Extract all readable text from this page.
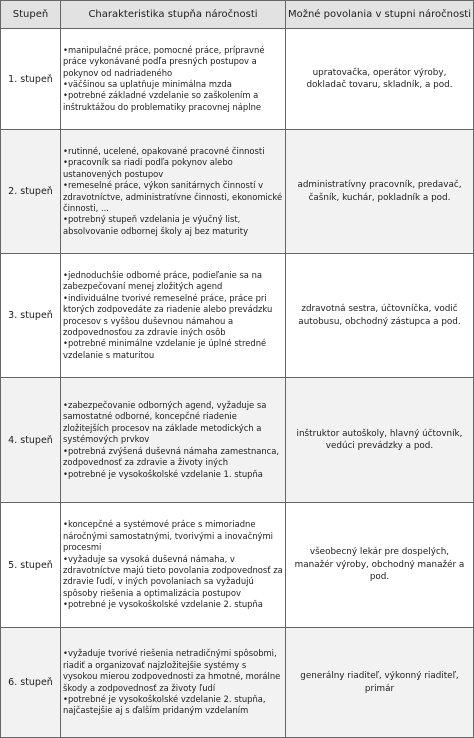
Stupeň	Charakteristika stupňa náročnosti	Možné povolania v stupni náročnosti
1. stupeň	•manipulačné práce, pomocné práce, prípravné práce vykonávané podľa presných postupov a pokynov od nadriadeného
•väčšinou sa uplatňuje minimálna mzda
•potrebné základné vzdelanie so zaškolením a inštruktážou do problematiky pracovnej náplne	upratovačka, operátor výroby, dokladač tovaru, skladník, a pod.
2. stupeň	•rutinné, ucelené, opakované pracovné činnosti
•pracovník sa riadi podľa pokynov alebo ustanovených postupov
•remeselné práce, výkon sanitárnych činností v zdravotníctve, administratívne činnosti, ekonomické činnosti, ...
•potrebný stupeň vzdelania je výučný list, absolvovanie odbornej školy aj bez maturity	administratívny pracovník, predavač, čašník, kuchár, pokladník a pod.
3. stupeň	•jednoduchšie odborné práce, podieľanie sa na zabezpečovaní menej zložitých agend
•individuálne tvorivé remeselné práce, práce pri ktorých zodpovedáte za riadenie alebo prevádzku procesov s vyššou duševnou námahou a zodpovednosťou za zdravie iných osôb
•potrebné minimálne vzdelanie je úplné stredné vzdelanie s maturitou	zdravotná sestra, účtovníčka, vodič autobusu, obchodný zástupca a pod.
4. stupeň	•zabezpečovanie odborných agend, vyžaduje sa samostatné odborné, koncepčné riadenie zložitejších procesov na základe metodických a systémových prvkov
•potrebná zvýšená duševná námaha zamestnanca, zodpovednosť za zdravie a životy iných
•potrebné je vysokoškolské vzdelanie 1. stupňa	inštruktor autoškoly, hlavný účtovník, vedúci prevádzky a pod.
5. stupeň	•koncepčné a systémové práce s mimoriadne náročnými samostatnými, tvorivými a inovačnými procesmi
•vyžaduje sa vysoká duševná námaha, v zdravotníctve majú tieto povolania zodpovednosť za zdravie ľudí, v iných povolaniach sa vyžadujú spôsoby riešenia a optimalizácia postupov
•potrebné je vysokoškolské vzdelanie 2. stupňa	všeobecný lekár pre dospelých, manažér výroby, obchodný manažér a pod.
6. stupeň	•vyžaduje tvorivé riešenia netradičnými spôsobmi, riadiť a organizovať najzložitejšie systémy s vysokou mierou zodpovednosti za hmotné, morálne škody a zodpovednosť za životy ľudí
•potrebné je vysokoškolské vzdelanie 2. stupňa, najčastejšie aj s ďalším pridaným vzdelaním	generálny riaditeľ, výkonný riaditeľ, primár
